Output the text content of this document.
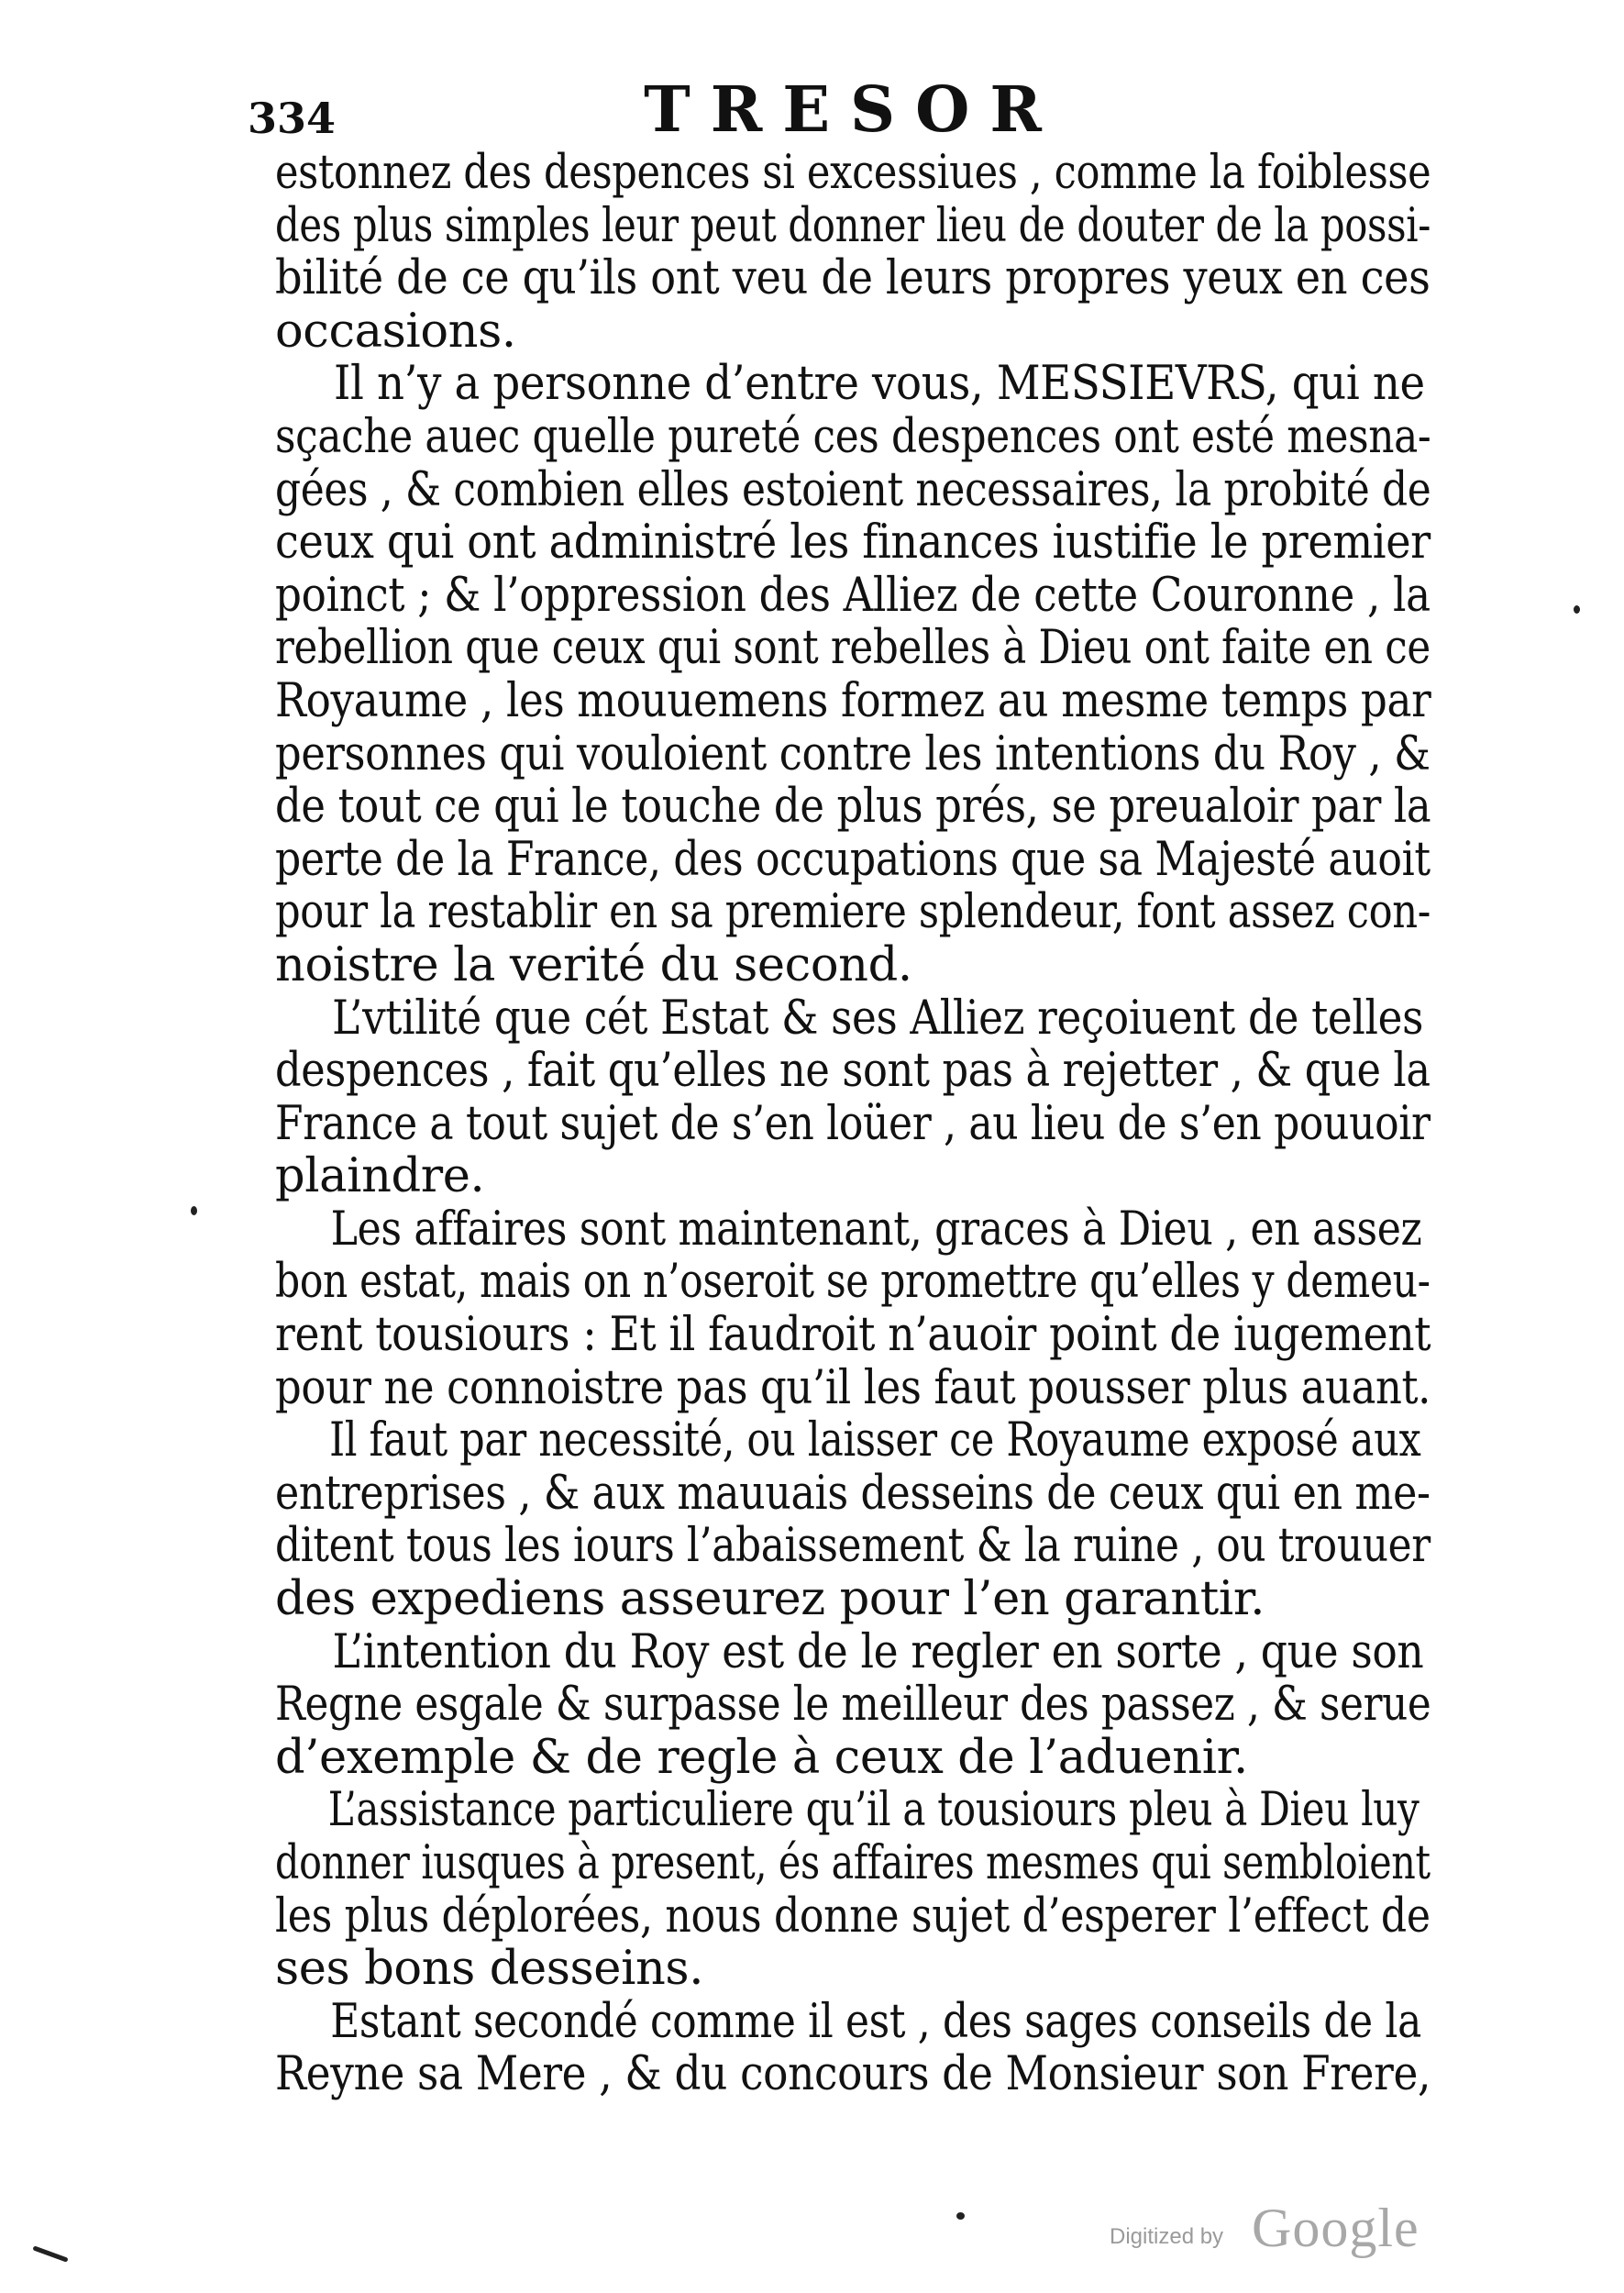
334	TRESOR
estonnez des despences si excessiues , comme la foiblesse
des plus simples leur peut donner lieu de douter de la possi-
bilité de ce qu’ils ont veu de leurs propres yeux en ces
occasions.
Il n’y a personne d’entre vous, MESSIEVRS, qui ne
sçache auec quelle pureté ces despences ont esté mesna-
gées , & combien elles estoient necessaires, la probité de
ceux qui ont administré les finances iustifie le premier
poinct ; & l’oppression des Alliez de cette Couronne , la
rebellion que ceux qui sont rebelles à Dieu ont faite en ce
Royaume , les mouuemens formez au mesme temps par
personnes qui vouloient contre les intentions du Roy , &
de tout ce qui le touche de plus prés, se preualoir par la
perte de la France, des occupations que sa Majesté auoit
pour la restablir en sa premiere splendeur, font assez con-
noistre la verité du second.
L’vtilité que cét Estat & ses Alliez reçoiuent de telles
despences , fait qu’elles ne sont pas à rejetter , & que la
France a tout sujet de s’en loüer , au lieu de s’en pouuoir
plaindre.
Les affaires sont maintenant, graces à Dieu , en assez
bon estat, mais on n’oseroit se promettre qu’elles y demeu-
rent tousiours : Et il faudroit n’auoir point de iugement
pour ne connoistre pas qu’il les faut pousser plus auant.
Il faut par necessité, ou laisser ce Royaume exposé aux
entreprises , & aux mauuais desseins de ceux qui en me-
ditent tous les iours l’abaissement & la ruine , ou trouuer
des expediens asseurez pour l’en garantir.
L’intention du Roy est de le regler en sorte , que son
Regne esgale & surpasse le meilleur des passez , & serue
d’exemple & de regle à ceux de l’aduenir.
L’assistance particuliere qu’il a tousiours pleu à Dieu luy
donner iusques à present, és affaires mesmes qui sembloient
les plus déplorées, nous donne sujet d’esperer l’effect de
ses bons desseins.
Estant secondé comme il est , des sages conseils de la
Reyne sa Mere , & du concours de Monsieur son Frere,
Digitized by Google
